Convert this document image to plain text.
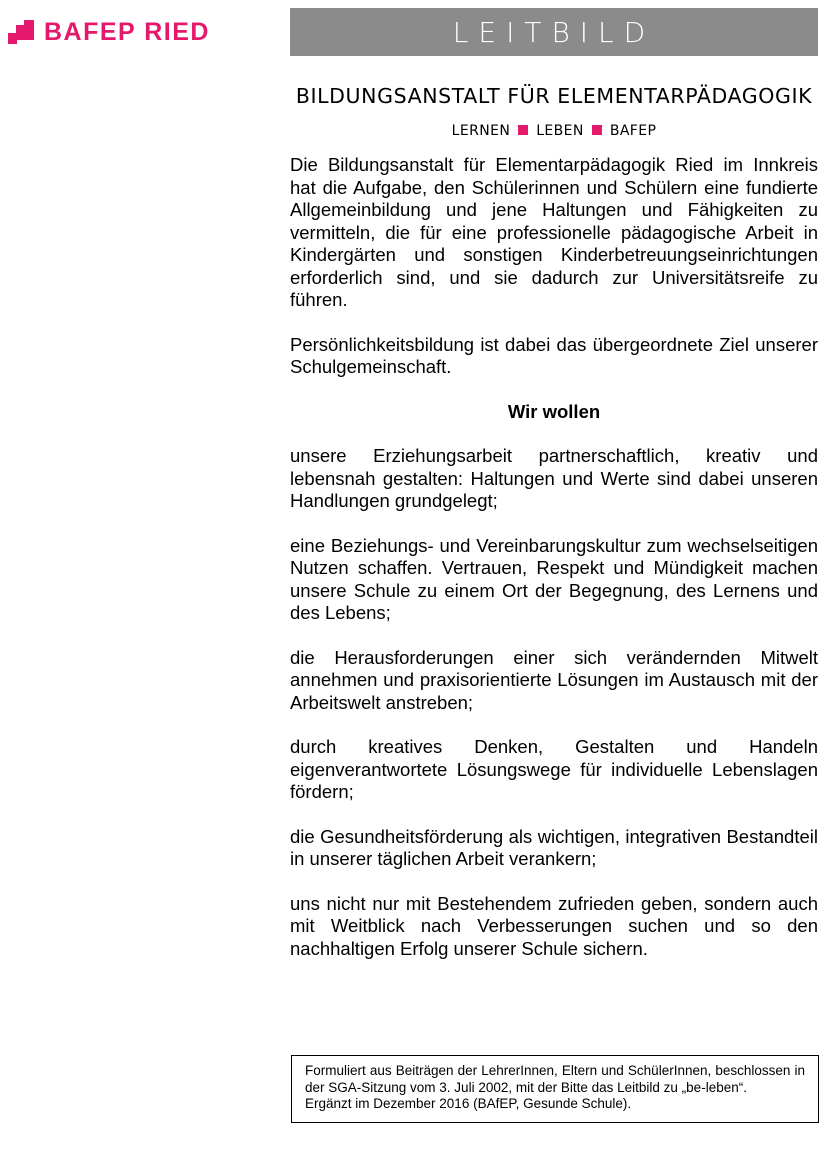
BAFEP RIED	LEITBILD
BILDUNGSANSTALT FÜR ELEMENTARPÄDAGOGIK
LERNEN LEBEN BAFEP

Die Bildungsanstalt für Elementarpädagogik Ried im Innkreis hat die Aufgabe, den Schülerinnen und Schülern eine fundierte Allgemeinbildung und jene Haltungen und Fähigkeiten zu vermitteln, die für eine professionelle pädagogische Arbeit in Kindergärten und sonstigen Kinderbetreuungseinrichtungen erforderlich sind, und sie dadurch zur Universitätsreife zu führen.

Persönlichkeitsbildung ist dabei das übergeordnete Ziel unserer Schulgemeinschaft.

Wir wollen

unsere Erziehungsarbeit partnerschaftlich, kreativ und lebensnah gestalten: Haltungen und Werte sind dabei unseren Handlungen grundgelegt;

eine Beziehungs- und Vereinbarungskultur zum wechselseitigen Nutzen schaffen. Vertrauen, Respekt und Mündigkeit machen unsere Schule zu einem Ort der Begegnung, des Lernens und des Lebens;

die Herausforderungen einer sich verändernden Mitwelt annehmen und praxisorientierte Lösungen im Austausch mit der Arbeitswelt anstreben;

durch kreatives Denken, Gestalten und Handeln eigenverantwortete Lösungswege für individuelle Lebenslagen fördern;

die Gesundheitsförderung als wichtigen, integrativen Bestandteil in unserer täglichen Arbeit verankern;

uns nicht nur mit Bestehendem zufrieden geben, sondern auch mit Weitblick nach Verbesserungen suchen und so den nachhaltigen Erfolg unserer Schule sichern.

Formuliert aus Beiträgen der LehrerInnen, Eltern und SchülerInnen, beschlossen in der SGA-Sitzung vom 3. Juli 2002, mit der Bitte das Leitbild zu „be-leben“.
Ergänzt im Dezember 2016 (BAfEP, Gesunde Schule).
